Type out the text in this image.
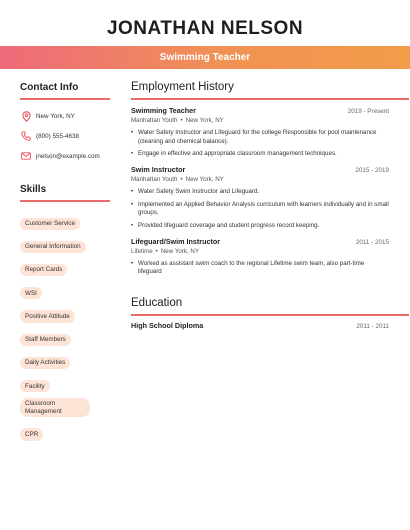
JONATHAN NELSON
Swimming Teacher
Contact Info
New York, NY
(800) 555-4638
jnelson@example.com
Skills
Customer Service
General Information
Report Cards
WSI
Positive Attitude
Staff Members
Daily Activities
Facility
Classroom Management
CPR
Employment History
Swimming Teacher	2019 - Present
Manhattan Youth • New York, NY
• Water Safety Instructor and Lifeguard for the college Responsible for pool maintenance (cleaning and chemical balance).
• Engage in effective and appropriate classroom management techniques.
Swim Instructor	2015 - 2019
Manhattan Youth • New York, NY
• Water Safety Swim Instructor and Lifeguard.
• Implemented an Applied Behavior Analysis curriculum with learners individually and in small groups.
• Provided lifeguard coverage and student progress record keeping.
Lifeguard/Swim Instructor	2011 - 2015
Lifetime • New York, NY
• Worked as assistant swim coach to the regional Lifetime swim team, also part-time lifeguard
Education
High School Diploma	2011 - 2011
